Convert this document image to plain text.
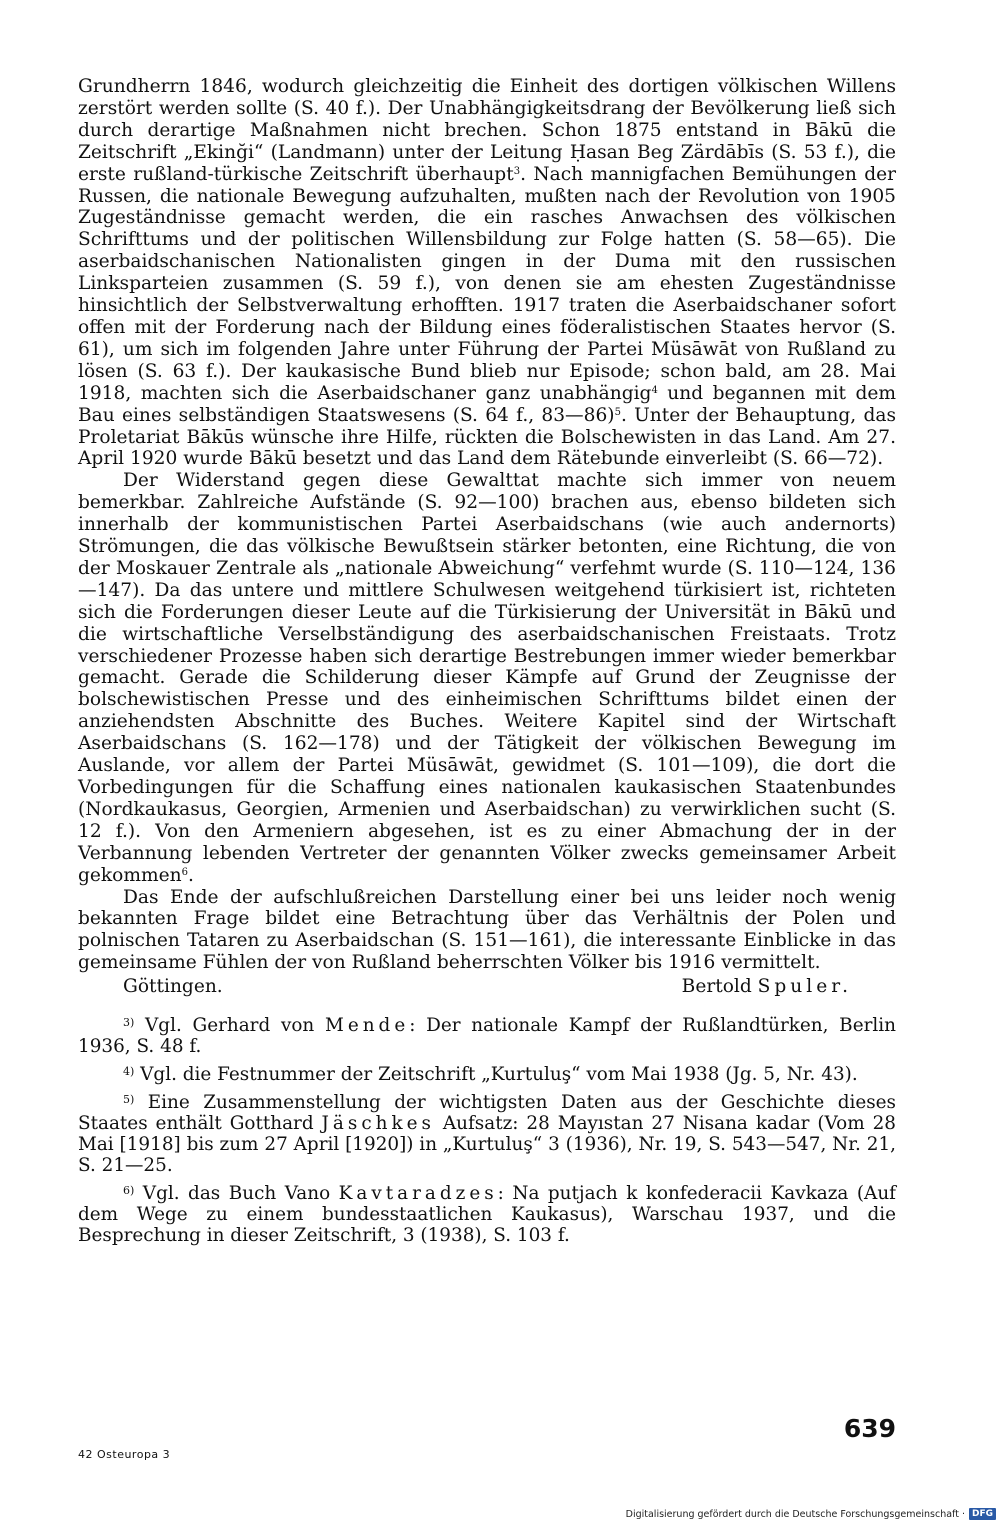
Grundherrn 1846, wodurch gleichzeitig die Einheit des dortigen völkischen Willens zerstört werden sollte (S. 40 f.). Der Unabhängigkeitsdrang der Bevölkerung ließ sich durch derartige Maßnahmen nicht brechen. Schon 1875 entstand in Bākū die Zeitschrift „Ekinği“ (Landmann) unter der Leitung Ḥasan Beg Zärdābīs (S. 53 f.), die erste rußland-türkische Zeitschrift überhaupt$^3$. Nach mannigfachen Bemühungen der Russen, die nationale Bewegung aufzuhalten, mußten nach der Revolution von 1905 Zugeständnisse gemacht werden, die ein rasches Anwachsen des völkischen Schrifttums und der politischen Willensbildung zur Folge hatten (S. 58—65). Die aserbaidschanischen Nationalisten gingen in der Duma mit den russischen Linksparteien zusammen (S. 59 f.), von denen sie am ehesten Zugeständnisse hinsichtlich der Selbstverwaltung erhofften. 1917 traten die Aserbaidschaner sofort offen mit der Forderung nach der Bildung eines föderalistischen Staates hervor (S. 61), um sich im folgenden Jahre unter Führung der Partei Müsāwāt von Rußland zu lösen (S. 63 f.). Der kaukasische Bund blieb nur Episode; schon bald, am 28. Mai 1918, machten sich die Aserbaidschaner ganz unabhängig$^4$ und begannen mit dem Bau eines selbständigen Staatswesens (S. 64 f., 83—86)$^5$. Unter der Behauptung, das Proletariat Bākūs wünsche ihre Hilfe, rückten die Bolschewisten in das Land. Am 27. April 1920 wurde Bākū besetzt und das Land dem Rätebunde einverleibt (S. 66—72).

Der Widerstand gegen diese Gewalttat machte sich immer von neuem bemerkbar. Zahlreiche Aufstände (S. 92—100) brachen aus, ebenso bildeten sich innerhalb der kommunistischen Partei Aserbaidschans (wie auch andernorts) Strömungen, die das völkische Bewußtsein stärker betonten, eine Richtung, die von der Moskauer Zentrale als „nationale Abweichung“ verfehmt wurde (S. 110—124, 136—147). Da das untere und mittlere Schulwesen weitgehend türkisiert ist, richteten sich die Forderungen dieser Leute auf die Türkisierung der Universität in Bākū und die wirtschaftliche Verselbständigung des aserbaidschanischen Freistaats. Trotz verschiedener Prozesse haben sich derartige Bestrebungen immer wieder bemerkbar gemacht. Gerade die Schilderung dieser Kämpfe auf Grund der Zeugnisse der bolschewistischen Presse und des einheimischen Schrifttums bildet einen der anziehendsten Abschnitte des Buches. Weitere Kapitel sind der Wirtschaft Aserbaidschans (S. 162—178) und der Tätigkeit der völkischen Bewegung im Auslande, vor allem der Partei Müsāwāt, gewidmet (S. 101—109), die dort die Vorbedingungen für die Schaffung eines nationalen kaukasischen Staatenbundes (Nordkaukasus, Georgien, Armenien und Aserbaidschan) zu verwirklichen sucht (S. 12 f.). Von den Armeniern abgesehen, ist es zu einer Abmachung der in der Verbannung lebenden Vertreter der genannten Völker zwecks gemeinsamer Arbeit gekommen$^6$.

Das Ende der aufschlußreichen Darstellung einer bei uns leider noch wenig bekannten Frage bildet eine Betrachtung über das Verhältnis der Polen und polnischen Tataren zu Aserbaidschan (S. 151—161), die interessante Einblicke in das gemeinsame Fühlen der von Rußland beherrschten Völker bis 1916 vermittelt.

Göttingen.	Bertold Spuler.

$^{3)}$ Vgl. Gerhard von Mende: Der nationale Kampf der Rußlandtürken, Berlin 1936, S. 48 f.

$^{4)}$ Vgl. die Festnummer der Zeitschrift „Kurtuluş“ vom Mai 1938 (Jg. 5, Nr. 43).

$^{5)}$ Eine Zusammenstellung der wichtigsten Daten aus der Geschichte dieses Staates enthält Gotthard Jäschkes Aufsatz: 28 Mayıstan 27 Nisana kadar (Vom 28 Mai [1918] bis zum 27 April [1920]) in „Kurtuluş“ 3 (1936), Nr. 19, S. 543—547, Nr. 21, S. 21—25.

$^{6)}$ Vgl. das Buch Vano Kavtaradzes: Na putjach k konfederacii Kavkaza (Auf dem Wege zu einem bundesstaatlichen Kaukasus), Warschau 1937, und die Besprechung in dieser Zeitschrift, 3 (1938), S. 103 f.

639
42 Osteuropa 3
Digitalisierung gefördert durch die Deutsche Forschungsgemeinschaft · DFG
